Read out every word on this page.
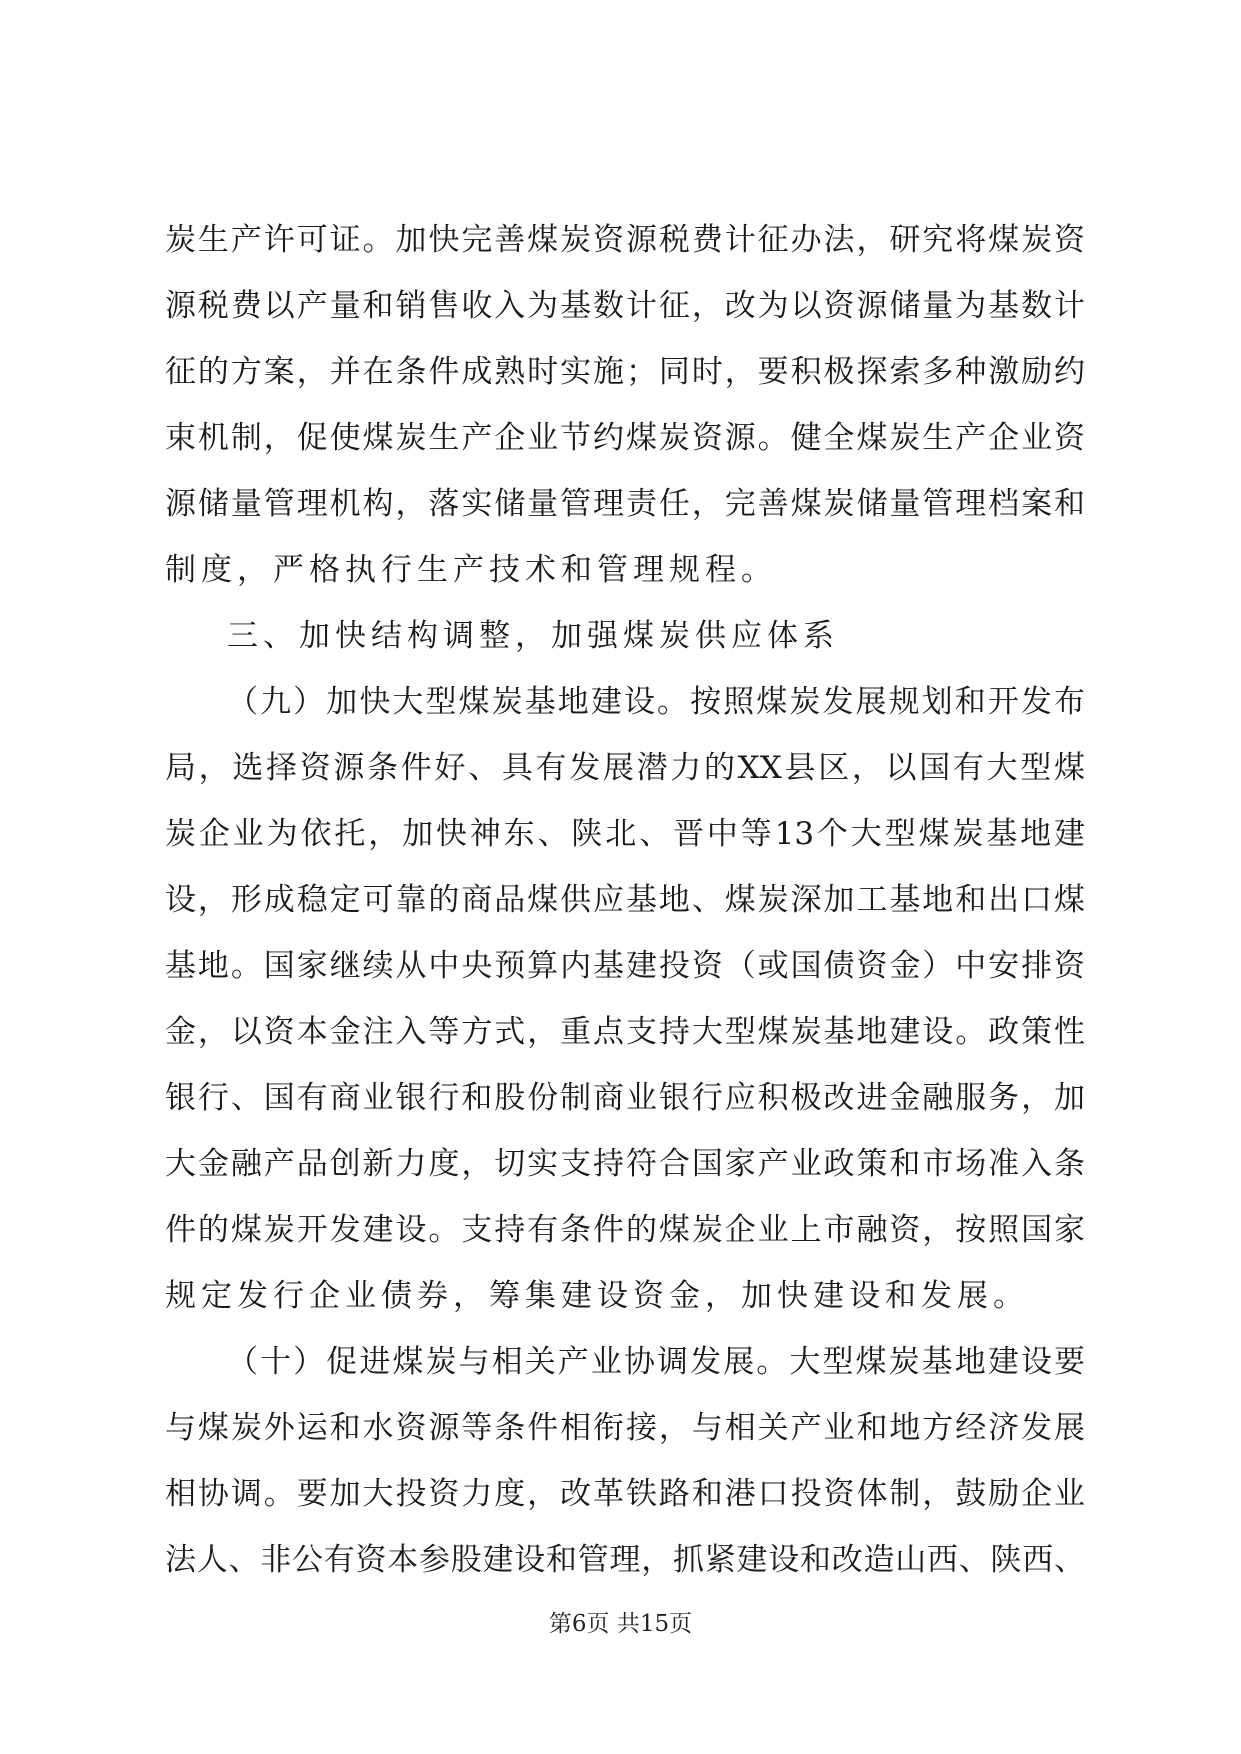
炭生产许可证。加快完善煤炭资源税费计征办法，研究将煤炭资
源税费以产量和销售收入为基数计征，改为以资源储量为基数计
征的方案，并在条件成熟时实施；同时，要积极探索多种激励约
束机制，促使煤炭生产企业节约煤炭资源。健全煤炭生产企业资
源储量管理机构，落实储量管理责任，完善煤炭储量管理档案和
制度，严格执行生产技术和管理规程。
三、加快结构调整，加强煤炭供应体系
（九）加快大型煤炭基地建设。按照煤炭发展规划和开发布
局，选择资源条件好、具有发展潜力的XX县区，以国有大型煤
炭企业为依托，加快神东、陕北、晋中等13个大型煤炭基地建
设，形成稳定可靠的商品煤供应基地、煤炭深加工基地和出口煤
基地。国家继续从中央预算内基建投资（或国债资金）中安排资
金，以资本金注入等方式，重点支持大型煤炭基地建设。政策性
银行、国有商业银行和股份制商业银行应积极改进金融服务，加
大金融产品创新力度，切实支持符合国家产业政策和市场准入条
件的煤炭开发建设。支持有条件的煤炭企业上市融资，按照国家
规定发行企业债券，筹集建设资金，加快建设和发展。
（十）促进煤炭与相关产业协调发展。大型煤炭基地建设要
与煤炭外运和水资源等条件相衔接，与相关产业和地方经济发展
相协调。要加大投资力度，改革铁路和港口投资体制，鼓励企业
法人、非公有资本参股建设和管理，抓紧建设和改造山西、陕西、
第6页 共15页
